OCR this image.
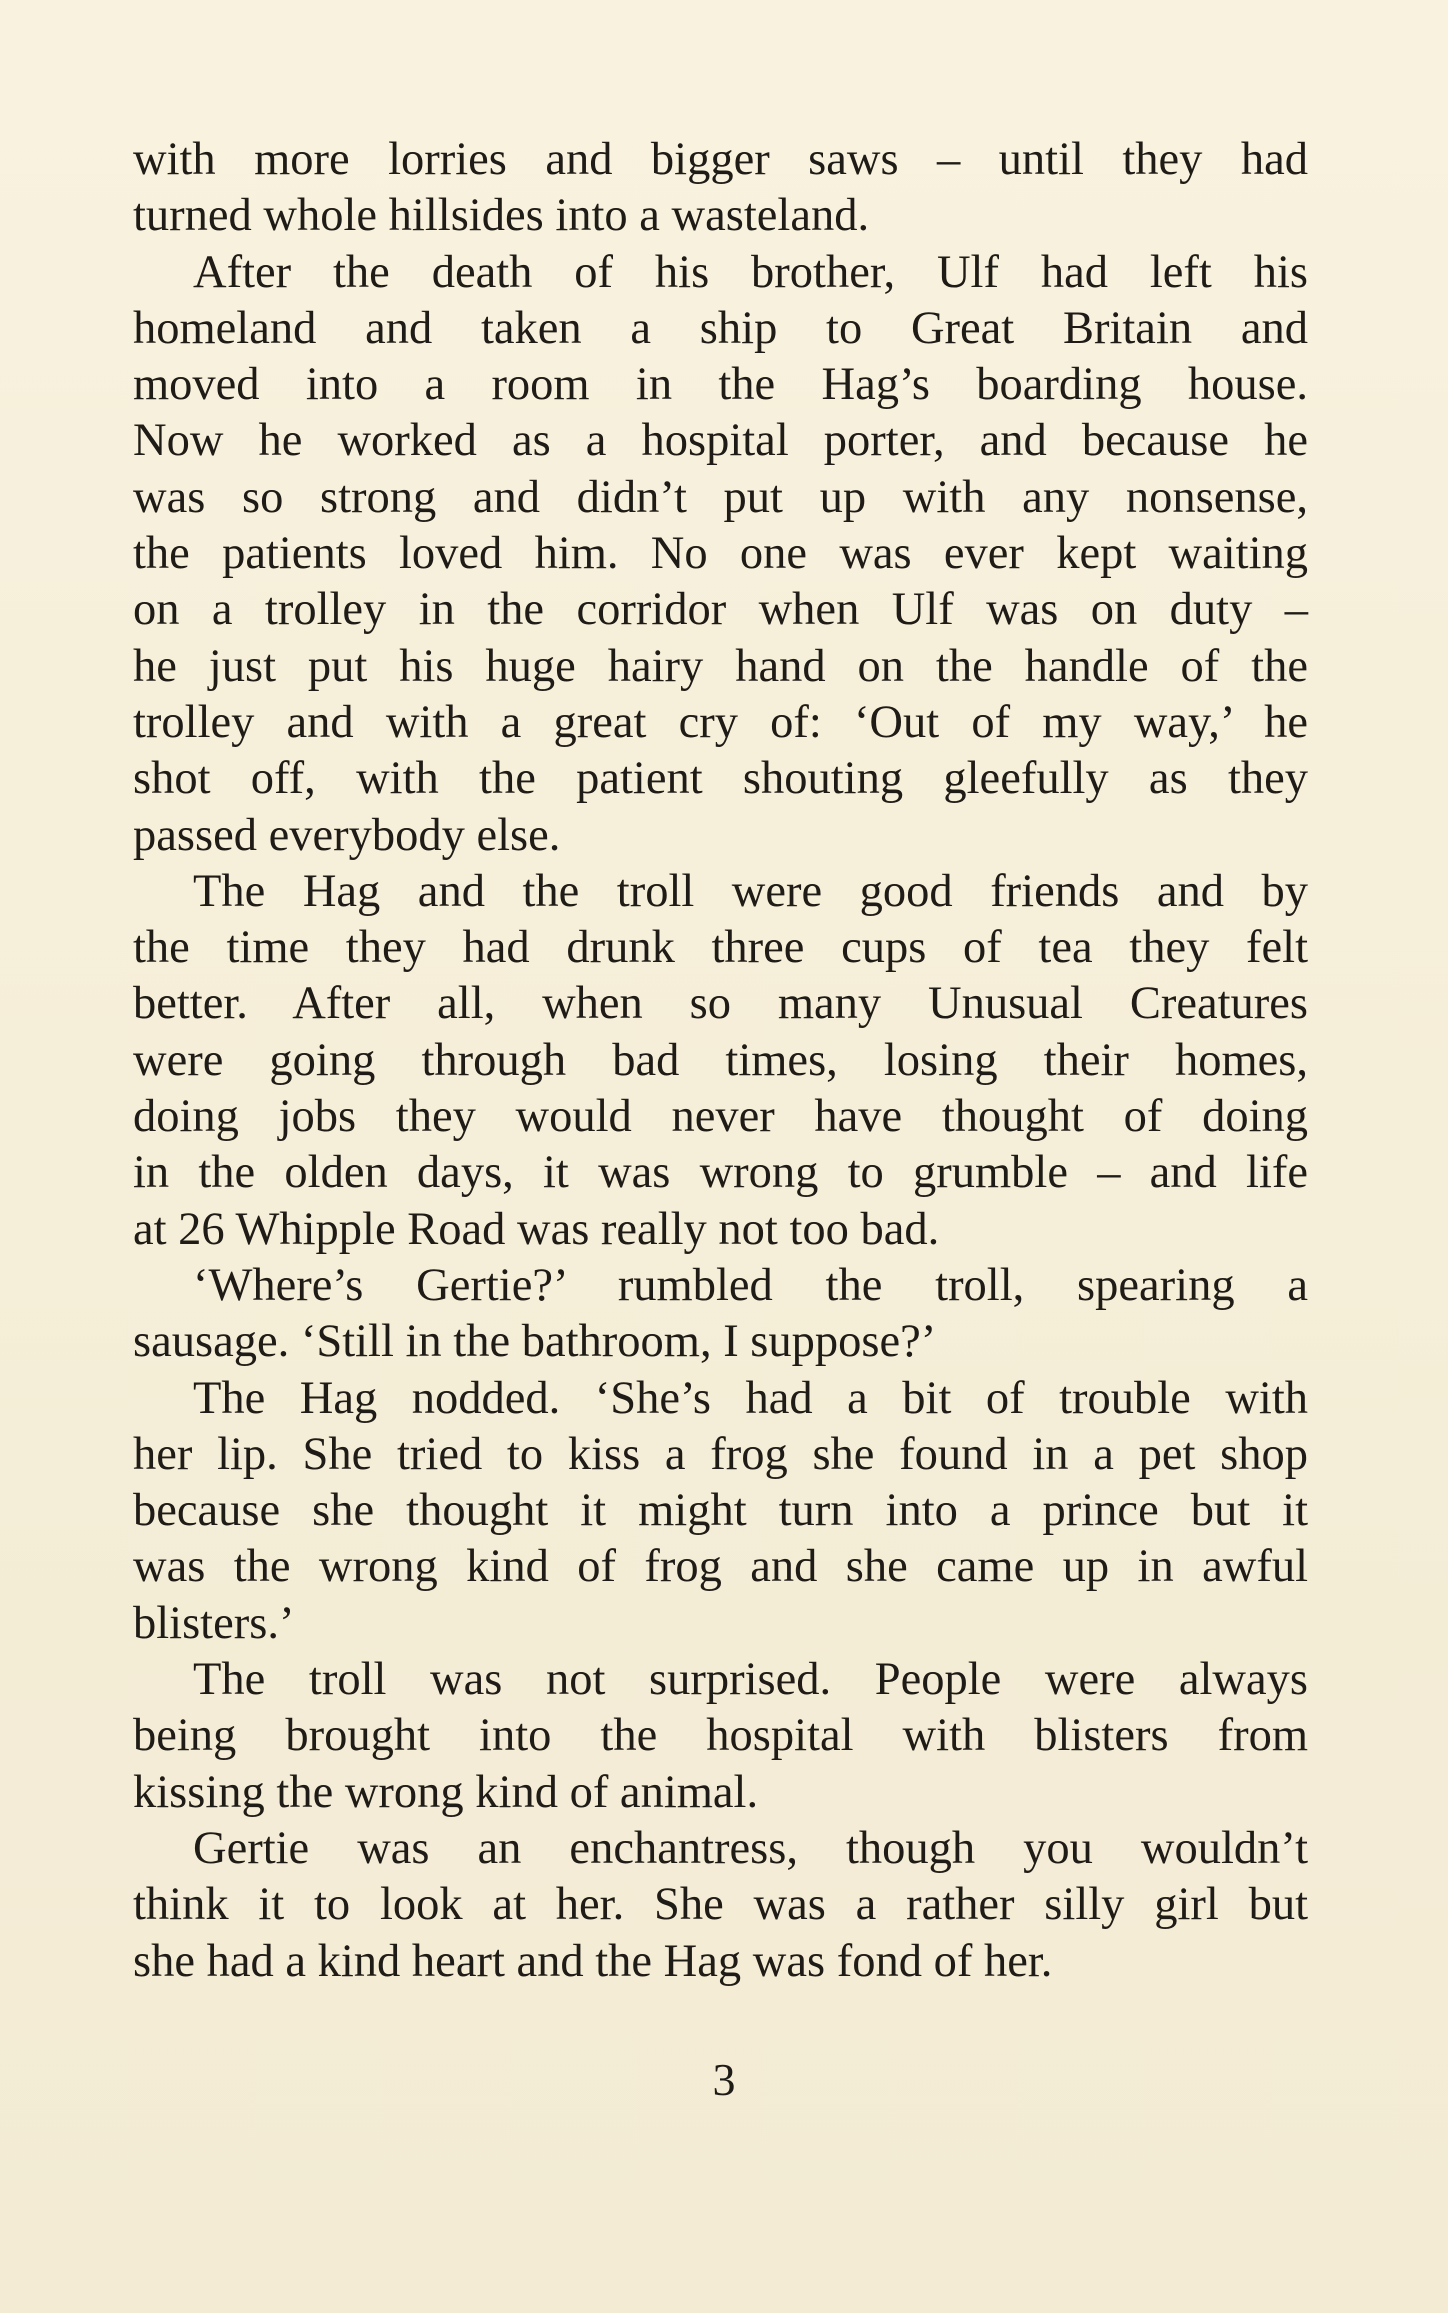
with more lorries and bigger saws – until they had
turned whole hillsides into a wasteland.
After the death of his brother, Ulf had left his
homeland and taken a ship to Great Britain and
moved into a room in the Hag’s boarding house.
Now he worked as a hospital porter, and because he
was so strong and didn’t put up with any nonsense,
the patients loved him. No one was ever kept waiting
on a trolley in the corridor when Ulf was on duty –
he just put his huge hairy hand on the handle of the
trolley and with a great cry of: ‘Out of my way,’ he
shot off, with the patient shouting gleefully as they
passed everybody else.
The Hag and the troll were good friends and by
the time they had drunk three cups of tea they felt
better. After all, when so many Unusual Creatures
were going through bad times, losing their homes,
doing jobs they would never have thought of doing
in the olden days, it was wrong to grumble – and life
at 26 Whipple Road was really not too bad.
‘Where’s Gertie?’ rumbled the troll, spearing a
sausage. ‘Still in the bathroom, I suppose?’
The Hag nodded. ‘She’s had a bit of trouble with
her lip. She tried to kiss a frog she found in a pet shop
because she thought it might turn into a prince but it
was the wrong kind of frog and she came up in awful
blisters.’
The troll was not surprised. People were always
being brought into the hospital with blisters from
kissing the wrong kind of animal.
Gertie was an enchantress, though you wouldn’t
think it to look at her. She was a rather silly girl but
she had a kind heart and the Hag was fond of her.
3
